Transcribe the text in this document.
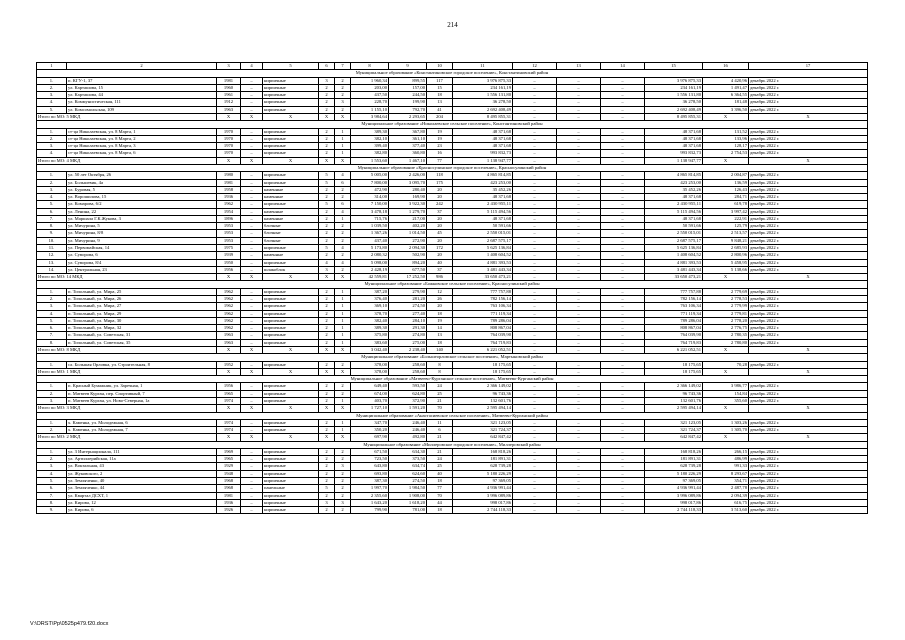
214
1	2	3	4	5	6	7	8	9	10	11	12	13	14	15	16	17
Муниципальное образование «Константиновское городское поселение», Константиновский район																
1.	п. КГУ-1, 37	1981	–	кирпичные	3	2	1 960,34	899,55	117	3 976 875,33	–	–	–	3 976 875,33	4 420,96	декабрь 2022 г.
2.	ул. Карташова, 15	1960	–	кирпичные	2	2	203,00	157,00	15	234 161,19	–	–	–	234 161,19	1 491,47	декабрь 2022 г.
3.	ул. Карташова, 44	1961	–	кирпичные	2	2	437,50	244,50	18	1 556 131,80	–	–	–	1 556 131,80	6 364,55	декабрь 2022 г.
4.	ул. Коммунистическая, 111	1912	–	кирпичные	2	3	228,70	199,90	13	36 278,50	–	–	–	36 278,50	181,48	декабрь 2022 г.
5.	ул. Комсомольская, 109	1963	–	кирпичные	2	2	1 155,10	792,70	41	2 692 408,49	–	–	–	2 692 408,49	3 396,50	декабрь 2022 г.
Итого по МО: 5 МКД		X	X	X	X	X	3 984,64	2 293,65	204	8 495 855,31	–	–	–	8 495 855,31	X	X
Муниципальное образование «Николаевское сельское поселение», Константиновский район																
1.	ст-ца Николаевская, ул. 8 Марта, 1	1970	–	кирпичные	2	1	389,30	367,80	19	48 371,68	–	–	–	48 371,68	131,52	декабрь 2022 г.
2.	ст-ца Николаевская, ул. 8 Марта, 2	1970	–	кирпичные	2	1	382,10	361,10	19	48 371,68	–	–	–	48 371,68	133,96	декабрь 2022 г.
3.	ст-ца Николаевская, ул. 8 Марта, 3	1970	–	кирпичные	2	1	399,40	377,40	23	48 371,68	–	–	–	48 371,68	128,17	декабрь 2022 г.
4.	ст-ца Николаевская, ул. 8 Марта, 6	1970	–	кирпичные	2	1	382,80	360,80	16	993 832,73	–	–	–	993 832,73	2 754,53	декабрь 2022 г.
Итого по МО: 4 МКД		X	X	X	X	X	1 553,60	1 467,10	77	1 138 947,77	–	–	–	1 138 947,77	X	X
Муниципальное образование «Красносулинское городское поселение», Красносулинский район																
1.	ул. 50 лет Октября, 26	1980	–	кирпичные	5	4	5 005,00	2 426,00	118	4 865 814,85	–	–	–	4 865 814,85	2 004,87	декабрь 2022 г.
2.	ул. Большевик, 4а	1981	–	кирпичные	5	6	7 800,00	3 095,70	175	423 253,00	–	–	–	423 253,00	136,59	декабрь 2022 г.
3.	ул. Буровая, 5	1958	–	каменные	2	2	472,90	280,40	20	35 452,26	–	–	–	35 452,26	126,43	декабрь 2022 г.
4.	ул. Ворошилова, 15	1936	–	каменные	2	2	314,00	169,90	20	48 371,68	–	–	–	48 371,68	284,71	декабрь 2022 г.
5.	ул. Комарова, 6/2	1962	–	кирпичные	5	6	7 150,00	3 922,30	242	2 430 955,11	–	–	–	2 430 955,11	619,78	декабрь 2022 г.
6.	ул. Ленина, 22	1954	–	каменные	2	4	3 478,18	1 279,70	37	5 115 494,56	–	–	–	5 115 494,56	3 997,42	декабрь 2022 г.
7.	ул. Маршала Г.К.Жукова, 3	1896	–	каменные	2	1	715,76	217,00	20	48 371,68	–	–	–	48 371,68	222,91	декабрь 2022 г.
8.	ул. Мичурина, 5	1953	–	блочные	2	2	1 039,50	402,20	20	50 591,66	–	–	–	50 591,66	125,79	декабрь 2022 г.
9.	ул. Мичурина, 8/8	1953	–	блочные	2	2	1 367,26	1 014,50	45	2 550 015,01	–	–	–	2 550 015,01	2 513,57	декабрь 2022 г.
10.	ул. Мичурина, 9	1953	–	блочные	2	2	437,40	272,90	20	2 687 575,17	–	–	–	2 687 575,17	9 848,21	декабрь 2022 г.
11.	ул. Первомайская, 14	1975	–	кирпичные	5	4	5 173,80	2 094,30	172	5 625 136,84	–	–	–	5 625 136,84	2 685,93	декабрь 2022 г.
12.	ул. Суворова, 6	1939	–	каменные	2	2	2 080,32	502,90	20	1 408 604,52	–	–	–	1 408 604,52	2 800,96	декабрь 2022 г.
13.	ул. Суворова, 8/4	1950	–	кирпичные	4	4	5 098,00	894,20	40	4 881 393,53	–	–	–	4 881 393,53	5 458,95	декабрь 2022 г.
14.	ул. Центральная, 23	1956	–	шлакоблок	3	2	2 428,19	677,50	37	3 481 443,34	–	–	–	3 481 443,34	5 138,66	декабрь 2022 г.
Итого по МО: 14 МКД		X	X	X	X	X	42 559,81	17 252,50	986	33 650 473,21	–	–	–	33 650 473,21	X	X
Муниципальное образование «Божковское сельское поселение», Красносулинский район																
1.	п. Топольный, ул. Мира, 25	1962	–	кирпичные	2	1	387,20	279,90	12	777 757,88	–	–	–	777 757,88	2 779,69	декабрь 2022 г.
2.	п. Топольный, ул. Мира, 26	1962	–	кирпичные	2	1	376,40	281,20	26	782 156,14	–	–	–	782 156,14	2 778,53	декабрь 2022 г.
3.	п. Топольный, ул. Мира, 27	1962	–	кирпичные	2	1	369,10	274,50	20	763 106,34	–	–	–	763 106,34	2 779,99	декабрь 2022 г.
4.	п. Топольный, ул. Мира, 29	1962	–	кирпичные	2	1	378,70	277,40	18	771 119,34	–	–	–	771 119,34	2 779,81	декабрь 2022 г.
5.	п. Топольный, ул. Мира, 30	1962	–	кирпичные	2	1	382,40	284,10	19	789 286,04	–	–	–	789 286,04	2 778,20	декабрь 2022 г.
6.	п. Топольный, ул. Мира, 32	1962	–	кирпичные	2	1	389,30	291,30	14	808 867,04	–	–	–	808 867,04	2 776,75	декабрь 2022 г.
7.	п. Топольный, ул. Советская, 31	1963	–	кирпичные	2	1	375,80	274,80	13	764 039,90	–	–	–	764 039,90	2 780,35	декабрь 2022 г.
8.	п. Топольный, ул. Советская, 35	1963	–	кирпичные	2	1	383,60	275,00	18	764 719,83	–	–	–	764 719,83	2 780,80	декабрь 2022 г.
Итого по МО: 8 МКД		X	X	X	X	X	3 042,40	2 238,40	140	6 221 052,51	–	–	–	6 221 052,51	X	X
Муниципальное образование «Большеорловское сельское поселение», Мартыновский район																
1.	сл. Большая Орловка, ул. Строительная, 8	1952	–	кирпичные	2	2	378,00	258,60	8	18 175,65	–	–	–	18 175,65	70,28	декабрь 2022 г.
Итого по МО: 1 МКД		X	X	X	X	X	378,00	258,60	8	18 175,65	–	–	–	18 175,65	X	X
Муниципальное образование «Матвеево-Курганское сельское поселение», Матвеево-Курганский район																
1.	п. Красный Бумажник, ул. Заречная, 1	1956	–	кирпичные	2	2	649,40	593,50	24	2 366 149,02	–	–	–	2 366 149,02	3 986,77	декабрь 2022 г.
2.	п. Матвеев Курган, пер. Спортивный, 7	1965	–	кирпичные	2	2	674,00	624,80	25	96 743,36	–	–	–	96 743,36	154,84	декабрь 2022 г.
3.	п. Матвеев Курган, ул. Ново-Северная, 1а	1974	–	кирпичные	2	1	403,70	372,90	21	132 601,76	–	–	–	132 601,76	355,60	декабрь 2022 г.
Итого по МО: 3 МКД		X	X	X	X	X	1 727,10	1 591,20	70	2 595 494,14	–	–	–	2 595 494,14	X	X
Муниципальное образование «Анастасиевское сельское поселение», Матвеево-Курганский район																
1.	х. Каменка, ул. Молодежная, 6	1974	–	кирпичные	2	1	347,70	246,40	11	321 123,05	–	–	–	321 123,05	1 303,26	декабрь 2022 г.
2.	х. Каменка, ул. Молодежная, 7	1974	–	кирпичные	2	1	350,20	246,40	6	321 724,37	–	–	–	321 724,37	1 305,70	декабрь 2022 г.
Итого по МО: 2 МКД		X	X	X	X	X	697,90	492,80	21	642 847,42	–	–	–	642 847,42	X	X
Муниципальное образование «Миллеровское городское поселение», Миллеровский район																
1.	ул. 3 Интернационала, 111	1969	–	кирпичные	2	2	671,50	634,30	21	168 818,26	–	–	–	168 818,26	266,15	декабрь 2022 г.
2.	ул. Артиллерийская, 11а	1965	–	кирпичные	2	2	723,50	373,50	24	181 891,31	–	–	–	181 891,31	486,99	декабрь 2022 г.
3.	ул. Вокзальная, 43	1929	–	кирпичные	2	3	643,80	634,74	25	628 739,28	–	–	–	628 739,28	991,33	декабрь 2022 г.
4.	ул. Жуковского, 2	1948	–	кирпичные	2	2	693,80	624,60	40	5 180 226,29	–	–	–	5 180 226,29	8 293,67	декабрь 2022 г.
5.	ул. Земляченко, 40	1968	–	кирпичные	2	2	387,30	274,50	18	97 369,05	–	–	–	97 369,05	354,71	декабрь 2022 г.
6.	ул. Земляченко, 44	1968	–	панельные	5	2	1 997,70	1 984,50	77	4 936 991,44	–	–	–	4 936 991,44	2 487,78	декабрь 2022 г.
7.	ул. Квартал ДСХТ, 1	1981	–	кирпичные	2	2	2 355,60	1 908,00	70	3 996 089,86	–	–	–	3 996 089,86	2 094,39	декабрь 2022 г.
8.	ул. Кирова, 12	1936	–	кирпичные	3	3	1 643,20	1 618,20	44	998 017,86	–	–	–	998 017,86	616,75	декабрь 2022 г.
9.	ул. Кирова, 6	1926	–	кирпичные	2	2	799,90	781,00	18	2 744 118,33	–	–	–	2 744 118,33	3 513,60	декабрь 2022 г.
V:\ORST\Pp\0525p479.f20.docx
